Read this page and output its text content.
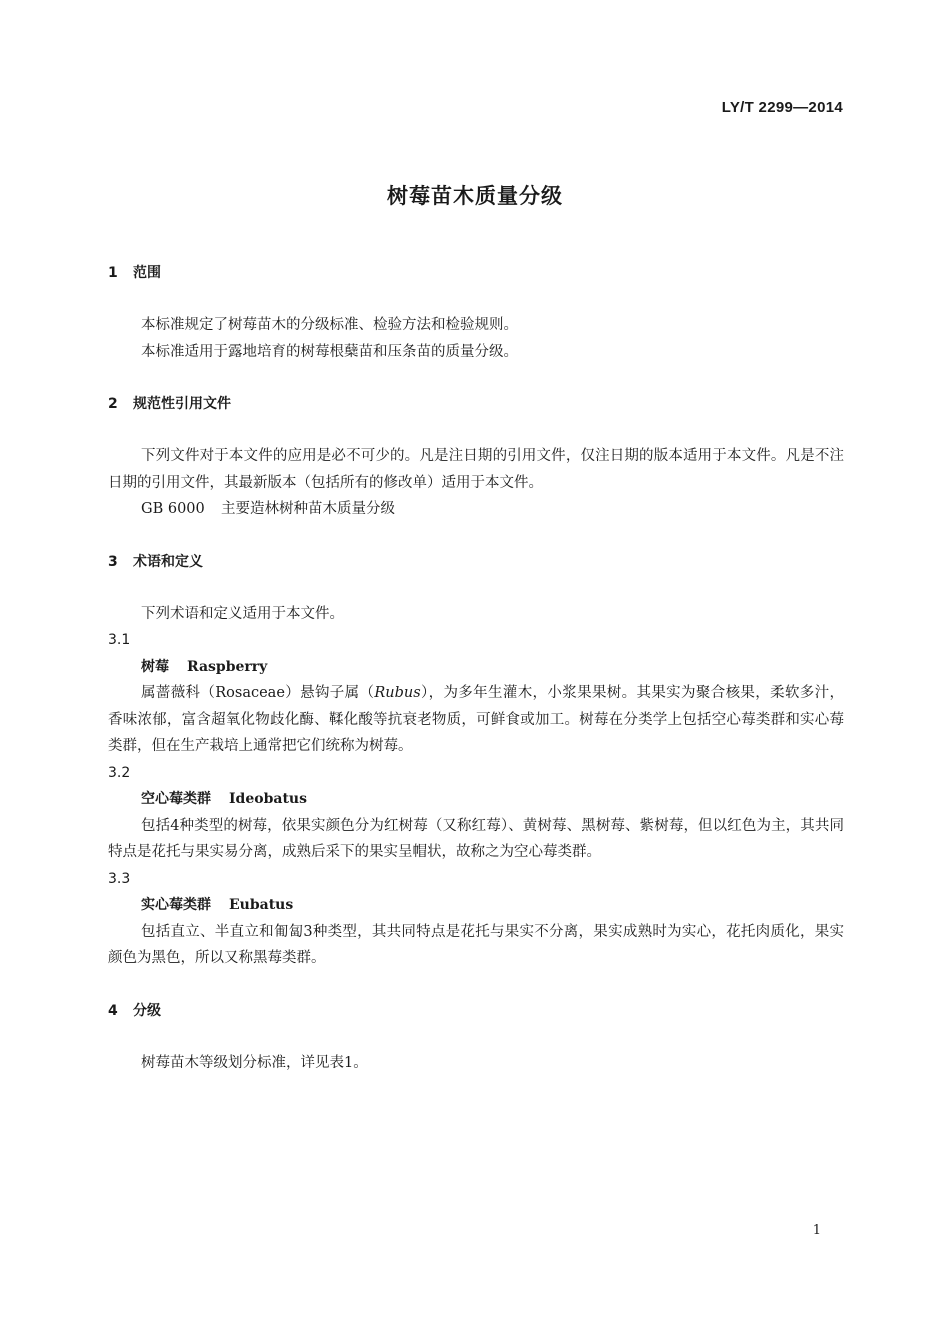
LY/T 2299—2014
树莓苗木质量分级
1 范围
本标准规定了树莓苗木的分级标准、检验方法和检验规则。
本标准适用于露地培育的树莓根蘖苗和压条苗的质量分级。
2 规范性引用文件
下列文件对于本文件的应用是必不可少的。凡是注日期的引用文件，仅注日期的版本适用于本文件。凡是不注日期的引用文件，其最新版本（包括所有的修改单）适用于本文件。
GB 6000 主要造林树种苗木质量分级
3 术语和定义
下列术语和定义适用于本文件。
3.1
树莓 Raspberry
属蔷薇科（Rosaceae）悬钩子属（Rubus），为多年生灌木，小浆果果树。其果实为聚合核果，柔软多汁，香味浓郁，富含超氧化物歧化酶、鞣化酸等抗衰老物质，可鲜食或加工。树莓在分类学上包括空心莓类群和实心莓类群，但在生产栽培上通常把它们统称为树莓。
3.2
空心莓类群 Ideobatus
包括4种类型的树莓，依果实颜色分为红树莓（又称红莓）、黄树莓、黑树莓、紫树莓，但以红色为主，其共同特点是花托与果实易分离，成熟后采下的果实呈帽状，故称之为空心莓类群。
3.3
实心莓类群 Eubatus
包括直立、半直立和匍匐3种类型，其共同特点是花托与果实不分离，果实成熟时为实心，花托肉质化，果实颜色为黑色，所以又称黑莓类群。
4 分级
树莓苗木等级划分标准，详见表1。
1
